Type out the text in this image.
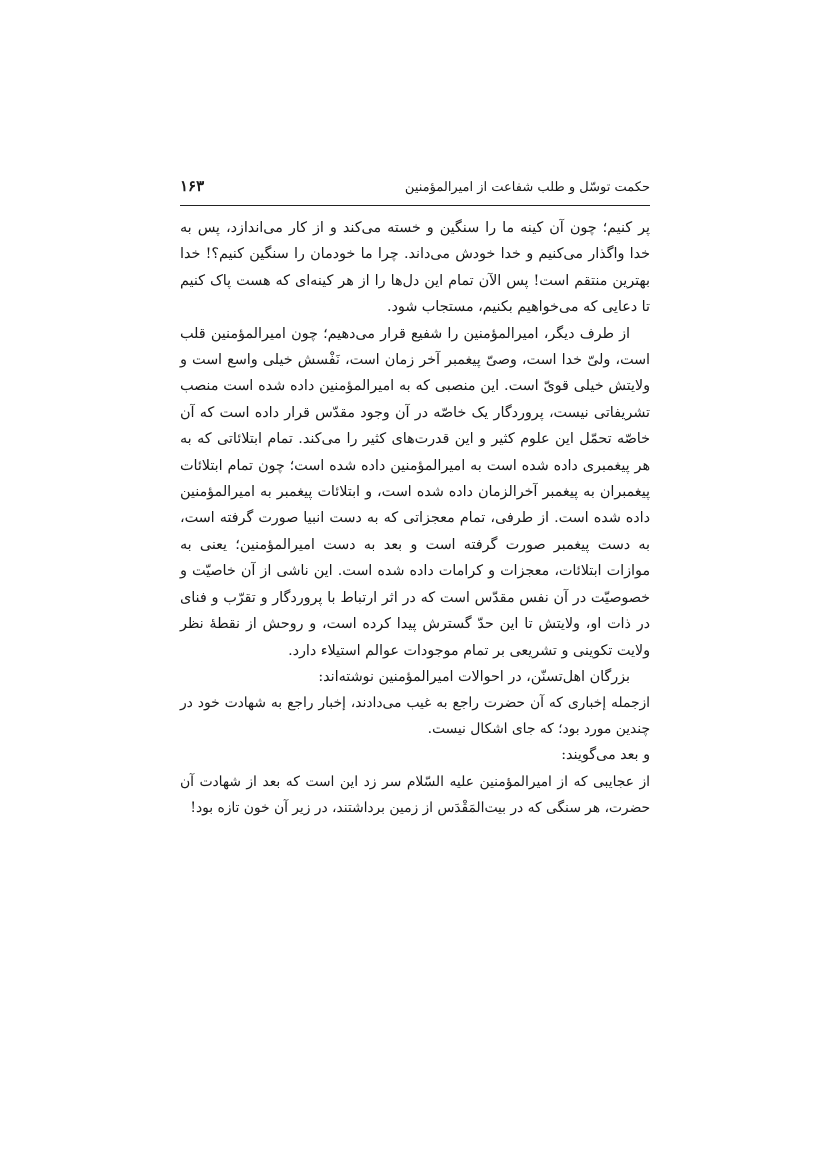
حکمت توسّل و طلب شفاعت از امیرالمؤمنین
۱۶۳

پر کنیم؛ چون آن کینه ما را سنگین و خسته می‌کند و از کار می‌اندازد، پس به خدا واگذار می‌کنیم و خدا خودش می‌داند. چرا ما خودمان را سنگین کنیم؟! خدا بهترین منتقم است! پس الآن تمام این دل‌ها را از هر کینه‌ای که هست پاک کنیم تا دعایی که می‌خواهیم بکنیم، مستجاب شود.

از طرف دیگر، امیرالمؤمنین را شفیع قرار می‌دهیم؛ چون امیرالمؤمنین قلب است، ولیّ خدا است، وصیّ پیغمبر آخر زمان است، نَفْسش خیلی واسع است و ولایتش خیلی قویّ است. این منصبی که به امیرالمؤمنین داده شده است منصب تشریفاتی نیست، پروردگار یک خاصّه در آن وجود مقدّس قرار داده است که آن خاصّه تحمّل این علوم کثیر و این قدرت‌های کثیر را می‌کند. تمام ابتلائاتی که به هر پیغمبری داده شده است به امیرالمؤمنین داده شده است؛ چون تمام ابتلائات پیغمبران به پیغمبر آخرالزمان داده شده است، و ابتلائات پیغمبر به امیرالمؤمنین داده شده است. از طرفی، تمام معجزاتی که به دست انبیا صورت گرفته است، به دست پیغمبر صورت گرفته است و بعد به دست امیرالمؤمنین؛ یعنی به موازات ابتلائات، معجزات و کرامات داده شده است. این ناشی از آن خاصیّت و خصوصیّت در آن نفس مقدّس است که در اثر ارتباط با پروردگار و تقرّب و فنای در ذات او، ولایتش تا این حدّ گسترش پیدا کرده است، و روحش از نقطهٔ نظر ولایت تکوینی و تشریعی بر تمام موجودات عوالم استیلاء دارد.

بزرگان اهل‌تسنّن، در احوالات امیرالمؤمنین نوشته‌اند:

ازجمله إخباری که آن حضرت راجع به غیب می‌دادند، إخبار راجع به شهادت خود در چندین مورد بود؛ که جای اشکال نیست.

و بعد می‌گویند:

از عجایبی که از امیرالمؤمنین علیه السّلام سر زد این است که بعد از شهادت آن حضرت، هر سنگی که در بیت‌المَقْدَس از زمین برداشتند، در زیر آن خون تازه بود!
